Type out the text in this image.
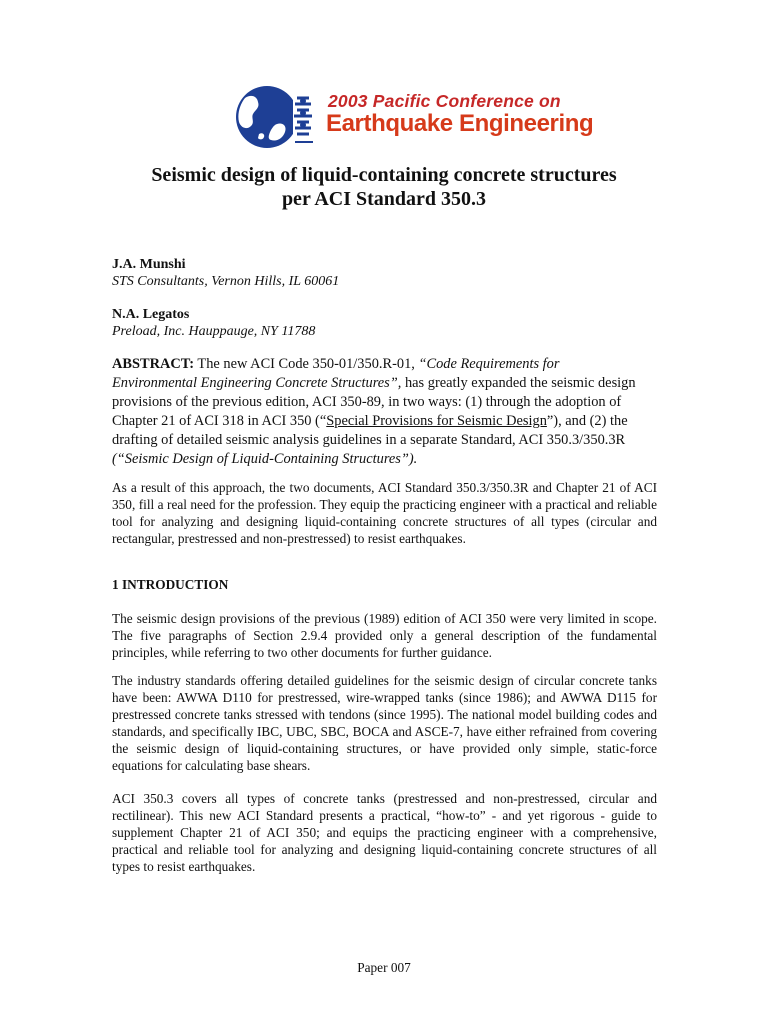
2003 Pacific Conference on
Earthquake Engineering
Seismic design of liquid-containing concrete structures
per ACI Standard 350.3
J.A. Munshi
STS Consultants, Vernon Hills, IL 60061
N.A. Legatos
Preload, Inc. Hauppauge, NY 11788
ABSTRACT: The new ACI Code 350-01/350.R-01, “Code Requirements for Environmental Engineering Concrete Structures”, has greatly expanded the seismic design provisions of the previous edition, ACI 350-89, in two ways: (1) through the adoption of Chapter 21 of ACI 318 in ACI 350 (“Special Provisions for Seismic Design”), and (2) the drafting of detailed seismic analysis guidelines in a separate Standard, ACI 350.3/350.3R (“Seismic Design of Liquid-Containing Structures”).
As a result of this approach, the two documents, ACI Standard 350.3/350.3R and Chapter 21 of ACI 350, fill a real need for the profession. They equip the practicing engineer with a practical and reliable tool for analyzing and designing liquid-containing concrete structures of all types (circular and rectangular, prestressed and non-prestressed) to resist earthquakes.
1 INTRODUCTION
The seismic design provisions of the previous (1989) edition of ACI 350 were very limited in scope. The five paragraphs of Section 2.9.4 provided only a general description of the fundamental principles, while referring to two other documents for further guidance.
The industry standards offering detailed guidelines for the seismic design of circular concrete tanks have been: AWWA D110 for prestressed, wire-wrapped tanks (since 1986); and AWWA D115 for prestressed concrete tanks stressed with tendons (since 1995). The national model building codes and standards, and specifically IBC, UBC, SBC, BOCA and ASCE-7, have either refrained from covering the seismic design of liquid-containing structures, or have provided only simple, static-force equations for calculating base shears.
ACI 350.3 covers all types of concrete tanks (prestressed and non-prestressed, circular and rectilinear). This new ACI Standard presents a practical, “how-to” - and yet rigorous - guide to supplement Chapter 21 of ACI 350; and equips the practicing engineer with a comprehensive, practical and reliable tool for analyzing and designing liquid-containing concrete structures of all types to resist earthquakes.
Paper 007
